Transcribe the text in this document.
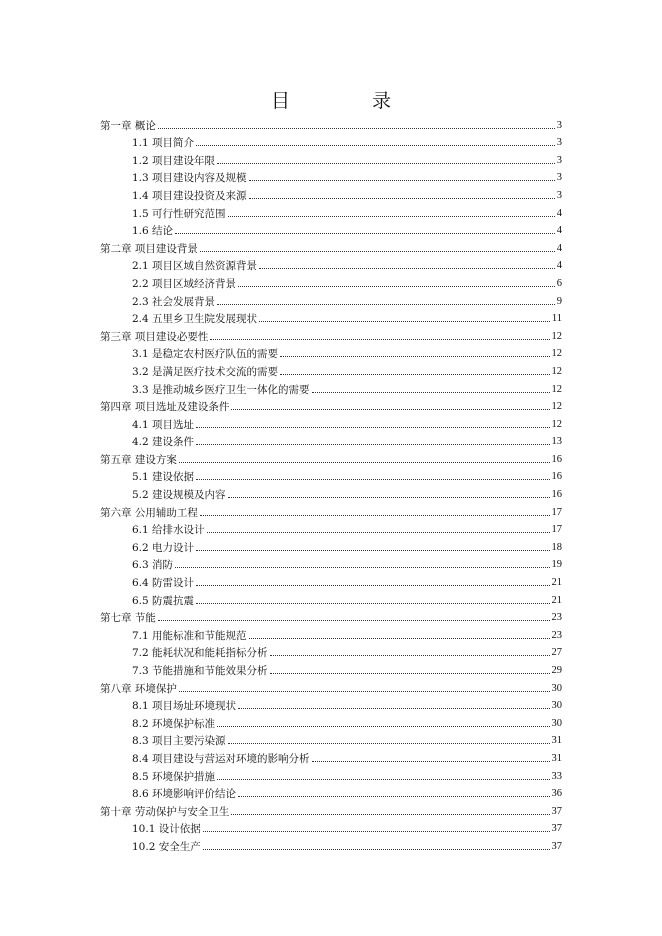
目 录
第一章 概论	3
1.1 项目简介	3
1.2 项目建设年限	3
1.3 项目建设内容及规模	3
1.4 项目建设投资及来源	3
1.5 可行性研究范围	4
1.6 结论	4
第二章 项目建设背景	4
2.1 项目区域自然资源背景	4
2.2 项目区域经济背景	6
2.3 社会发展背景	9
2.4 五里乡卫生院发展现状	11
第三章 项目建设必要性	12
3.1 是稳定农村医疗队伍的需要	12
3.2 是满足医疗技术交流的需要	12
3.3 是推动城乡医疗卫生一体化的需要	12
第四章 项目选址及建设条件	12
4.1 项目选址	12
4.2 建设条件	13
第五章 建设方案	16
5.1 建设依据	16
5.2 建设规模及内容	16
第六章 公用辅助工程	17
6.1 给排水设计	17
6.2 电力设计	18
6.3 消防	19
6.4 防雷设计	21
6.5 防震抗震	21
第七章 节能	23
7.1 用能标准和节能规范	23
7.2 能耗状况和能耗指标分析	27
7.3 节能措施和节能效果分析	29
第八章 环境保护	30
8.1 项目场址环境现状	30
8.2 环境保护标准	30
8.3 项目主要污染源	31
8.4 项目建设与营运对环境的影响分析	31
8.5 环境保护措施	33
8.6 环境影响评价结论	36
第十章 劳动保护与安全卫生	37
10.1 设计依据	37
10.2 安全生产	37
